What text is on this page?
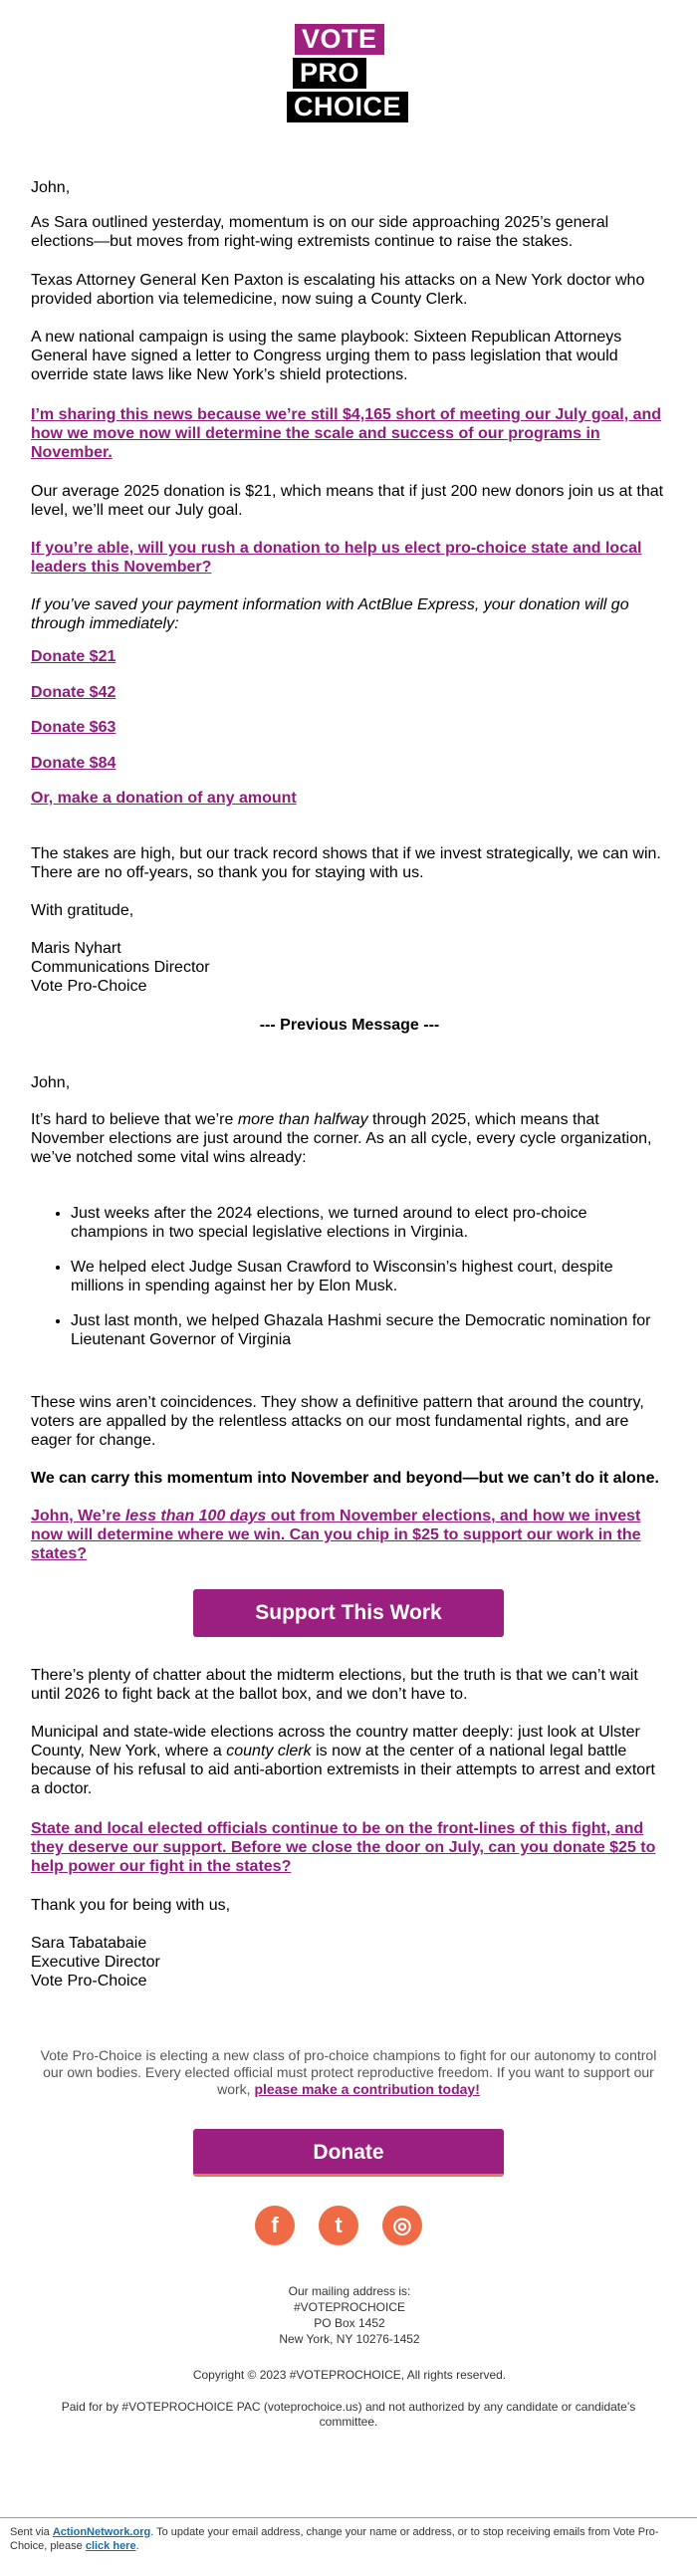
VOTE
PRO
CHOICE

John,

As Sara outlined yesterday, momentum is on our side approaching 2025’s general elections—but moves from right-wing extremists continue to raise the stakes.

Texas Attorney General Ken Paxton is escalating his attacks on a New York doctor who provided abortion via telemedicine, now suing a County Clerk.

A new national campaign is using the same playbook: Sixteen Republican Attorneys General have signed a letter to Congress urging them to pass legislation that would override state laws like New York’s shield protections.

I’m sharing this news because we’re still $4,165 short of meeting our July goal, and how we move now will determine the scale and success of our programs in November.

Our average 2025 donation is $21, which means that if just 200 new donors join us at that level, we’ll meet our July goal.

If you’re able, will you rush a donation to help us elect pro-choice state and local leaders this November?

If you’ve saved your payment information with ActBlue Express, your donation will go through immediately:

Donate $21
Donate $42
Donate $63
Donate $84
Or, make a donation of any amount

The stakes are high, but our track record shows that if we invest strategically, we can win. There are no off-years, so thank you for staying with us.

With gratitude,

Maris Nyhart

Communications Director

Vote Pro-Choice

--- Previous Message ---

John,

It’s hard to believe that we’re more than halfway through 2025, which means that November elections are just around the corner. As an all cycle, every cycle organization, we’ve notched some vital wins already:

• Just weeks after the 2024 elections, we turned around to elect pro-choice champions in two special legislative elections in Virginia.
• We helped elect Judge Susan Crawford to Wisconsin’s highest court, despite millions in spending against her by Elon Musk.
• Just last month, we helped Ghazala Hashmi secure the Democratic nomination for Lieutenant Governor of Virginia

These wins aren’t coincidences. They show a definitive pattern that around the country, voters are appalled by the relentless attacks on our most fundamental rights, and are eager for change.

We can carry this momentum into November and beyond—but we can’t do it alone.

John, We’re less than 100 days out from November elections, and how we invest now will determine where we win. Can you chip in $25 to support our work in the states?
Support This Work

There’s plenty of chatter about the midterm elections, but the truth is that we can’t wait until 2026 to fight back at the ballot box, and we don’t have to.

Municipal and state-wide elections across the country matter deeply: just look at Ulster County, New York, where a county clerk is now at the center of a national legal battle because of his refusal to aid anti-abortion extremists in their attempts to arrest and extort a doctor.

State and local elected officials continue to be on the front-lines of this fight, and they deserve our support. Before we close the door on July, can you donate $25 to help power our fight in the states?

Thank you for being with us,

Sara Tabatabaie

Executive Director

Vote Pro-Choice

Vote Pro-Choice is electing a new class of pro-choice champions to fight for our autonomy to control our own bodies. Every elected official must protect reproductive freedom. If you want to support our work, please make a contribution today!

Donate
f	t	◎

Our mailing address is:

#VOTEPROCHOICE

PO Box 1452

New York, NY 10276-1452

Copyright © 2023 #VOTEPROCHOICE, All rights reserved.

Paid for by #VOTEPROCHOICE PAC (voteprochoice.us) and not authorized by any candidate or candidate’s committee.

Sent via ActionNetwork.org. To update your email address, change your name or address, or to stop receiving emails from Vote Pro-Choice, please click here.
